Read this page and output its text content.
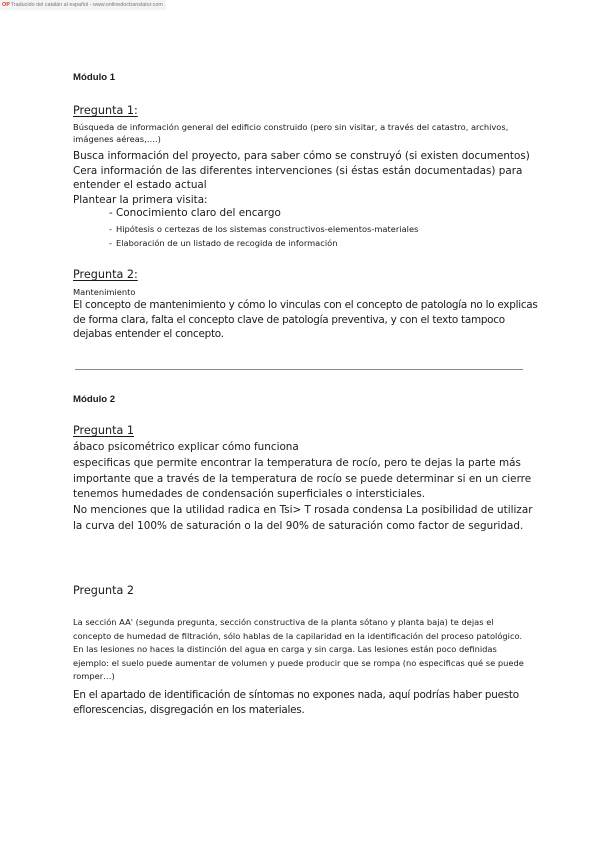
OPTraducido del catalán al español - www.onlinedoctranslator.com
Módulo 1
Pregunta 1:
Búsqueda de información general del edificio construido (pero sin visitar, a través del catastro, archivos, imágenes aéreas,….)
Busca información del proyecto, para saber cómo se construyó (si existen documentos) Cera información de las diferentes intervenciones (si éstas están documentadas) para entender el estado actual
Plantear la primera visita:
- Conocimiento claro del encargo
- Hipótesis o certezas de los sistemas constructivos-elementos-materiales
- Elaboración de un listado de recogida de información
Pregunta 2:
Mantenimiento
El concepto de mantenimiento y cómo lo vinculas con el concepto de patología no lo explicas de forma clara, falta el concepto clave de patología preventiva, y con el texto tampoco dejabas entender el concepto.
Módulo 2
Pregunta 1
ábaco psicométrico explicar cómo funciona
especificas que permite encontrar la temperatura de rocío, pero te dejas la parte más importante que a través de la temperatura de rocío se puede determinar si en un cierre tenemos humedades de condensación superficiales o intersticiales.
No menciones que la utilidad radica en Tsi> T rosada condensa La posibilidad de utilizar la curva del 100% de saturación o la del 90% de saturación como factor de seguridad.
Pregunta 2
La sección AA' (segunda pregunta, sección constructiva de la planta sótano y planta baja) te dejas el concepto de humedad de filtración, sólo hablas de la capilaridad en la identificación del proceso patológico. En las lesiones no haces la distinción del agua en carga y sin carga. Las lesiones están poco definidas ejemplo: el suelo puede aumentar de volumen y puede producir que se rompa (no especificas qué se puede romper…)
En el apartado de identificación de síntomas no expones nada, aquí podrías haber puesto eflorescencias, disgregación en los materiales.
